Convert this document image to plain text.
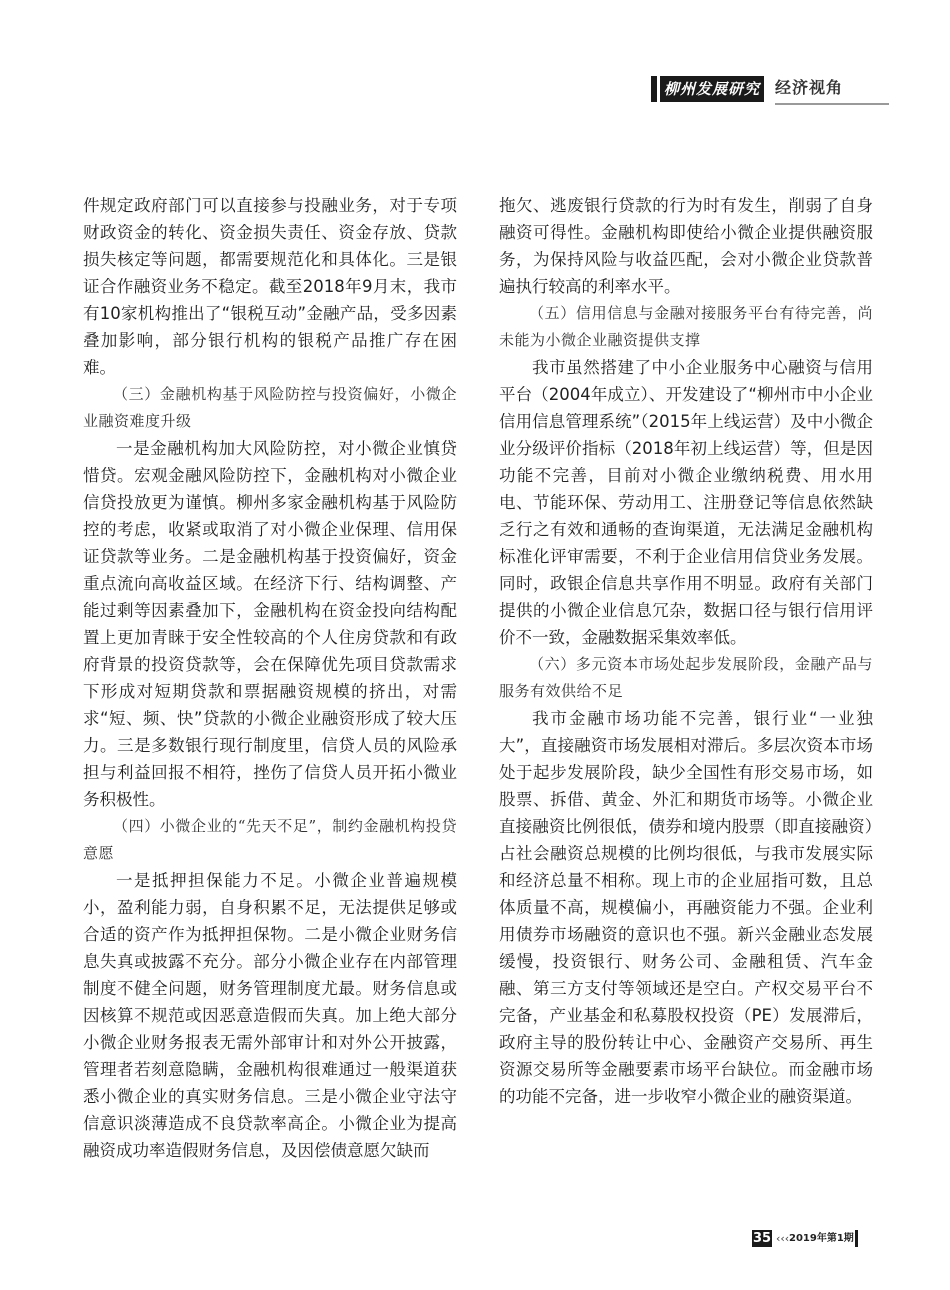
柳州发展研究 经济视角

件规定政府部门可以直接参与投融业务，对于专项财政资金的转化、资金损失责任、资金存放、贷款损失核定等问题，都需要规范化和具体化。三是银证合作融资业务不稳定。截至2018年9月末，我市有10家机构推出了“银税互动”金融产品，受多因素叠加影响，部分银行机构的银税产品推广存在困难。

（三）金融机构基于风险防控与投资偏好，小微企业融资难度升级

一是金融机构加大风险防控，对小微企业慎贷惜贷。宏观金融风险防控下，金融机构对小微企业信贷投放更为谨慎。柳州多家金融机构基于风险防控的考虑，收紧或取消了对小微企业保理、信用保证贷款等业务。二是金融机构基于投资偏好，资金重点流向高收益区域。在经济下行、结构调整、产能过剩等因素叠加下，金融机构在资金投向结构配置上更加青睐于安全性较高的个人住房贷款和有政府背景的投资贷款等，会在保障优先项目贷款需求下形成对短期贷款和票据融资规模的挤出，对需求“短、频、快”贷款的小微企业融资形成了较大压力。三是多数银行现行制度里，信贷人员的风险承担与利益回报不相符，挫伤了信贷人员开拓小微业务积极性。

（四）小微企业的“先天不足”，制约金融机构投贷意愿

一是抵押担保能力不足。小微企业普遍规模小，盈利能力弱，自身积累不足，无法提供足够或合适的资产作为抵押担保物。二是小微企业财务信息失真或披露不充分。部分小微企业存在内部管理制度不健全问题，财务管理制度尤最。财务信息或因核算不规范或因恶意造假而失真。加上绝大部分小微企业财务报表无需外部审计和对外公开披露，管理者若刻意隐瞒，金融机构很难通过一般渠道获悉小微企业的真实财务信息。三是小微企业守法守信意识淡薄造成不良贷款率高企。小微企业为提高融资成功率造假财务信息，及因偿债意愿欠缺而

拖欠、逃废银行贷款的行为时有发生，削弱了自身融资可得性。金融机构即使给小微企业提供融资服务，为保持风险与收益匹配，会对小微企业贷款普遍执行较高的利率水平。

（五）信用信息与金融对接服务平台有待完善，尚未能为小微企业融资提供支撑

我市虽然搭建了中小企业服务中心融资与信用平台（2004年成立）、开发建设了“柳州市中小企业信用信息管理系统”（2015年上线运营）及中小微企业分级评价指标（2018年初上线运营）等，但是因功能不完善，目前对小微企业缴纳税费、用水用电、节能环保、劳动用工、注册登记等信息依然缺乏行之有效和通畅的查询渠道，无法满足金融机构标准化评审需要，不利于企业信用信贷业务发展。同时，政银企信息共享作用不明显。政府有关部门提供的小微企业信息冗杂，数据口径与银行信用评价不一致，金融数据采集效率低。

（六）多元资本市场处起步发展阶段，金融产品与服务有效供给不足

我市金融市场功能不完善，银行业“一业独大”，直接融资市场发展相对滞后。多层次资本市场处于起步发展阶段，缺少全国性有形交易市场，如股票、拆借、黄金、外汇和期货市场等。小微企业直接融资比例很低，债券和境内股票（即直接融资）占社会融资总规模的比例均很低，与我市发展实际和经济总量不相称。现上市的企业屈指可数，且总体质量不高，规模偏小，再融资能力不强。企业利用债券市场融资的意识也不强。新兴金融业态发展缓慢，投资银行、财务公司、金融租赁、汽车金融、第三方支付等领域还是空白。产权交易平台不完备，产业基金和私募股权投资（PE）发展滞后，政府主导的股份转让中心、金融资产交易所、再生资源交易所等金融要素市场平台缺位。而金融市场的功能不完备，进一步收窄小微企业的融资渠道。

35 ‹‹‹ 2019年第1期
